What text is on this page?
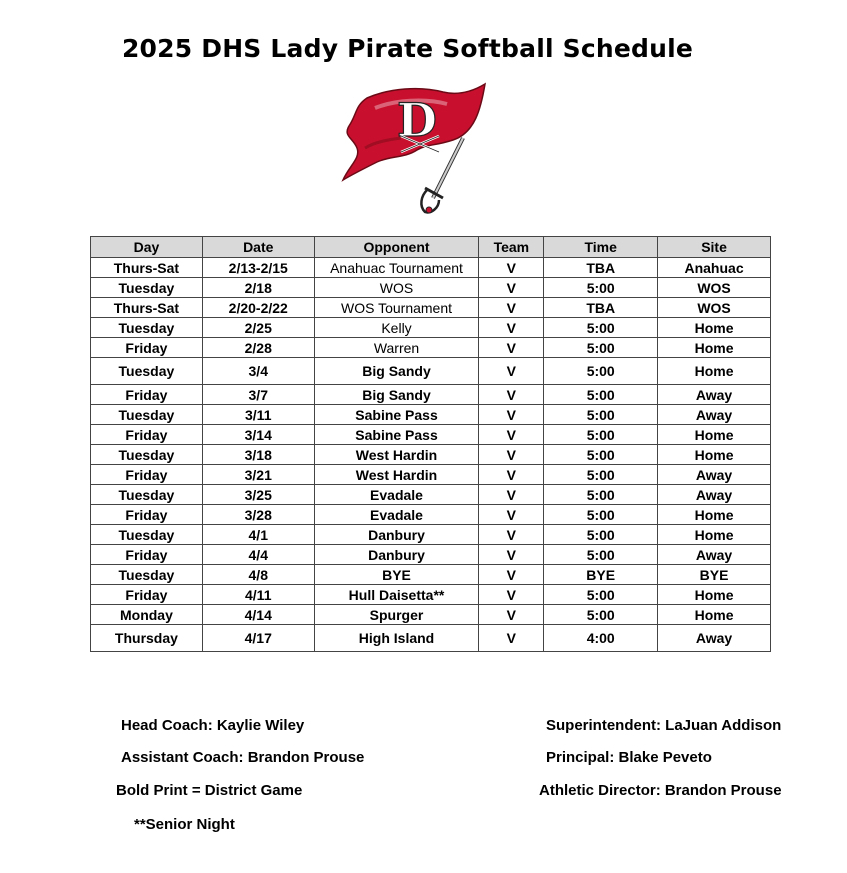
2025 DHS Lady Pirate Softball Schedule
D
Day	Date	Opponent	Team	Time	Site
Thurs-Sat	2/13-2/15	Anahuac Tournament	V	TBA	Anahuac
Tuesday	2/18	WOS	V	5:00	WOS
Thurs-Sat	2/20-2/22	WOS Tournament	V	TBA	WOS
Tuesday	2/25	Kelly	V	5:00	Home
Friday	2/28	Warren	V	5:00	Home
Tuesday	3/4	Big Sandy	V	5:00	Home
Friday	3/7	Big Sandy	V	5:00	Away
Tuesday	3/11	Sabine Pass	V	5:00	Away
Friday	3/14	Sabine Pass	V	5:00	Home
Tuesday	3/18	West Hardin	V	5:00	Home
Friday	3/21	West Hardin	V	5:00	Away
Tuesday	3/25	Evadale	V	5:00	Away
Friday	3/28	Evadale	V	5:00	Home
Tuesday	4/1	Danbury	V	5:00	Home
Friday	4/4	Danbury	V	5:00	Away
Tuesday	4/8	BYE	V	BYE	BYE
Friday	4/11	Hull Daisetta**	V	5:00	Home
Monday	4/14	Spurger	V	5:00	Home
Thursday	4/17	High Island	V	4:00	Away
Head Coach: Kaylie Wiley
Assistant Coach: Brandon Prouse
Bold Print = District Game
**Senior Night
Superintendent: LaJuan Addison
Principal: Blake Peveto
Athletic Director: Brandon Prouse
